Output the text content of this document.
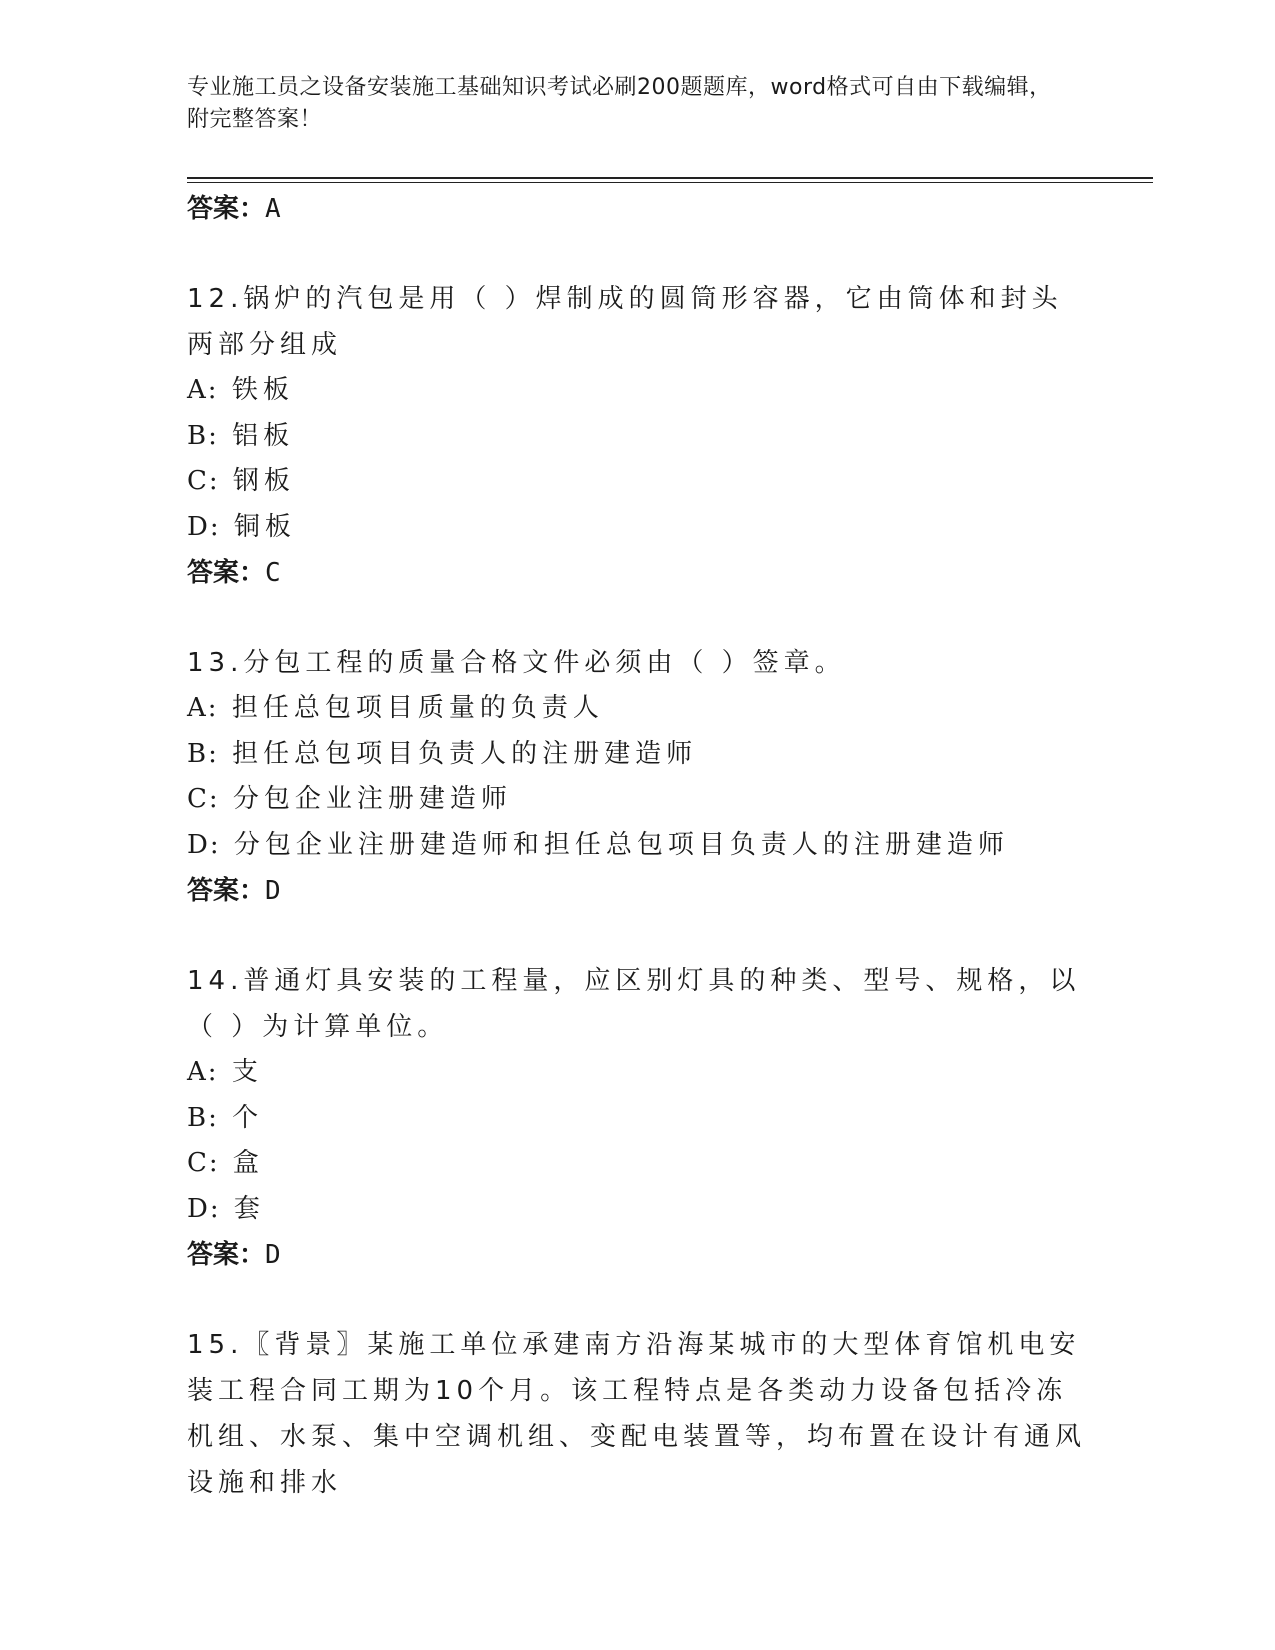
专业施工员之设备安装施工基础知识考试必刷200题题库，word格式可自由下载编辑，附完整答案！

答案：A

12.锅炉的汽包是用（ ）焊制成的圆筒形容器，它由筒体和封头两部分组成

A: 铁板

B: 铝板

C: 钢板

D: 铜板

答案：C

13.分包工程的质量合格文件必须由（ ）签章。

A: 担任总包项目质量的负责人

B: 担任总包项目负责人的注册建造师

C: 分包企业注册建造师

D: 分包企业注册建造师和担任总包项目负责人的注册建造师

答案：D

14.普通灯具安装的工程量，应区别灯具的种类、型号、规格，以（ ）为计算单位。

A: 支

B: 个

C: 盒

D: 套

答案：D

15.〖背景〗某施工单位承建南方沿海某城市的大型体育馆机电安装工程合同工期为10个月。该工程特点是各类动力设备包括冷冻机组、水泵、集中空调机组、变配电装置等，均布置在设计有通风设施和排水
